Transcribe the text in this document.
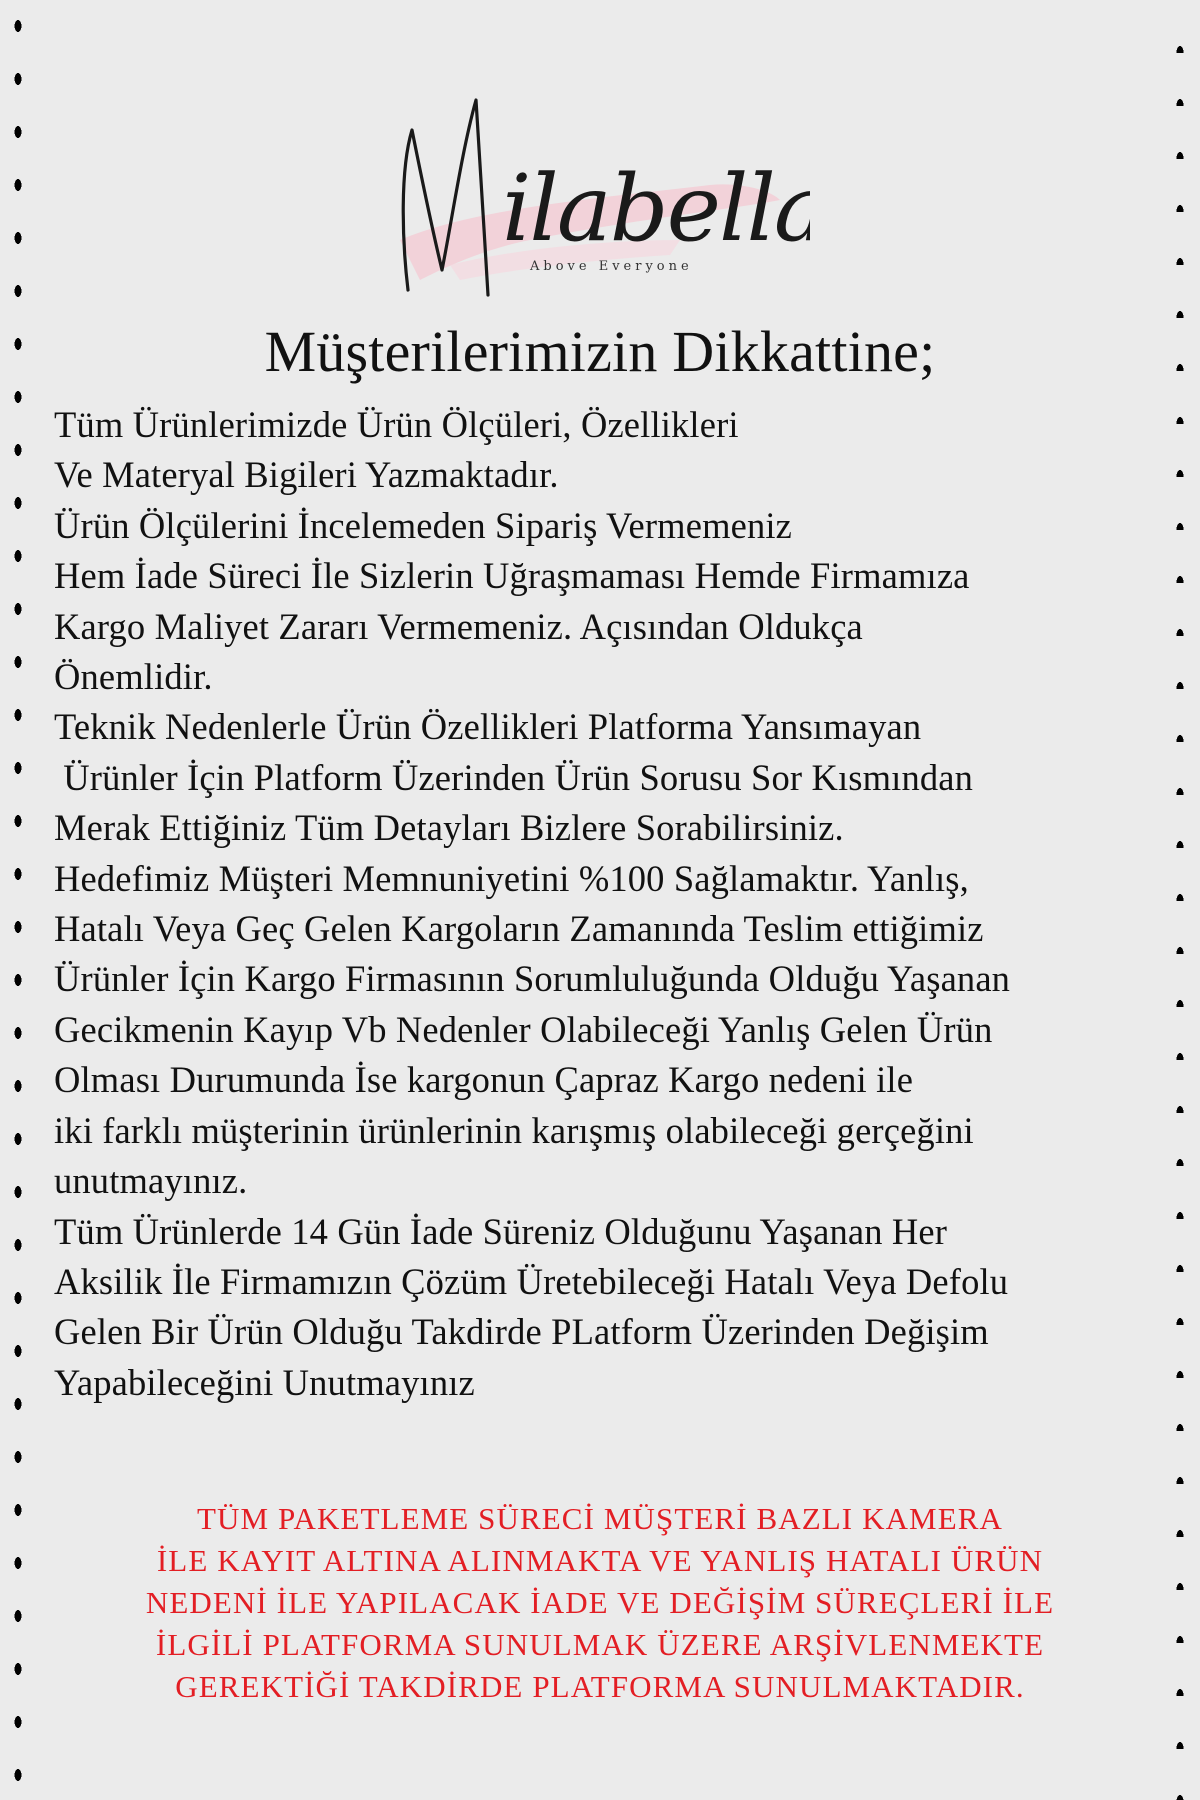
ilabella
Above Everyone
Müşterilerimizin Dikkattine;
Tüm Ürünlerimizde Ürün Ölçüleri, Özellikleri
Ve Materyal Bigileri Yazmaktadır.
Ürün Ölçülerini İncelemeden Sipariş Vermemeniz
Hem İade Süreci İle Sizlerin Uğraşmaması Hemde Firmamıza
Kargo Maliyet Zararı Vermemeniz. Açısından Oldukça
Önemlidir.
Teknik Nedenlerle Ürün Özellikleri Platforma Yansımayan
Ürünler İçin Platform Üzerinden Ürün Sorusu Sor Kısmından
Merak Ettiğiniz Tüm Detayları Bizlere Sorabilirsiniz.
Hedefimiz Müşteri Memnuniyetini %100 Sağlamaktır. Yanlış,
Hatalı Veya Geç Gelen Kargoların Zamanında Teslim ettiğimiz
Ürünler İçin Kargo Firmasının Sorumluluğunda Olduğu Yaşanan
Gecikmenin Kayıp Vb Nedenler Olabileceği Yanlış Gelen Ürün
Olması Durumunda İse kargonun Çapraz Kargo nedeni ile
iki farklı müşterinin ürünlerinin karışmış olabileceği gerçeğini
unutmayınız.
Tüm Ürünlerde 14 Gün İade Süreniz Olduğunu Yaşanan Her
Aksilik İle Firmamızın Çözüm Üretebileceği Hatalı Veya Defolu
Gelen Bir Ürün Olduğu Takdirde PLatform Üzerinden Değişim
Yapabileceğini Unutmayınız
TÜM PAKETLEME SÜRECİ MÜŞTERİ BAZLI KAMERA
İLE KAYIT ALTINA ALINMAKTA VE YANLIŞ HATALI ÜRÜN
NEDENİ İLE YAPILACAK İADE VE DEĞİŞİM SÜREÇLERİ İLE
İLGİLİ PLATFORMA SUNULMAK ÜZERE ARŞİVLENMEKTE
GEREKTİĞİ TAKDİRDE PLATFORMA SUNULMAKTADIR.
